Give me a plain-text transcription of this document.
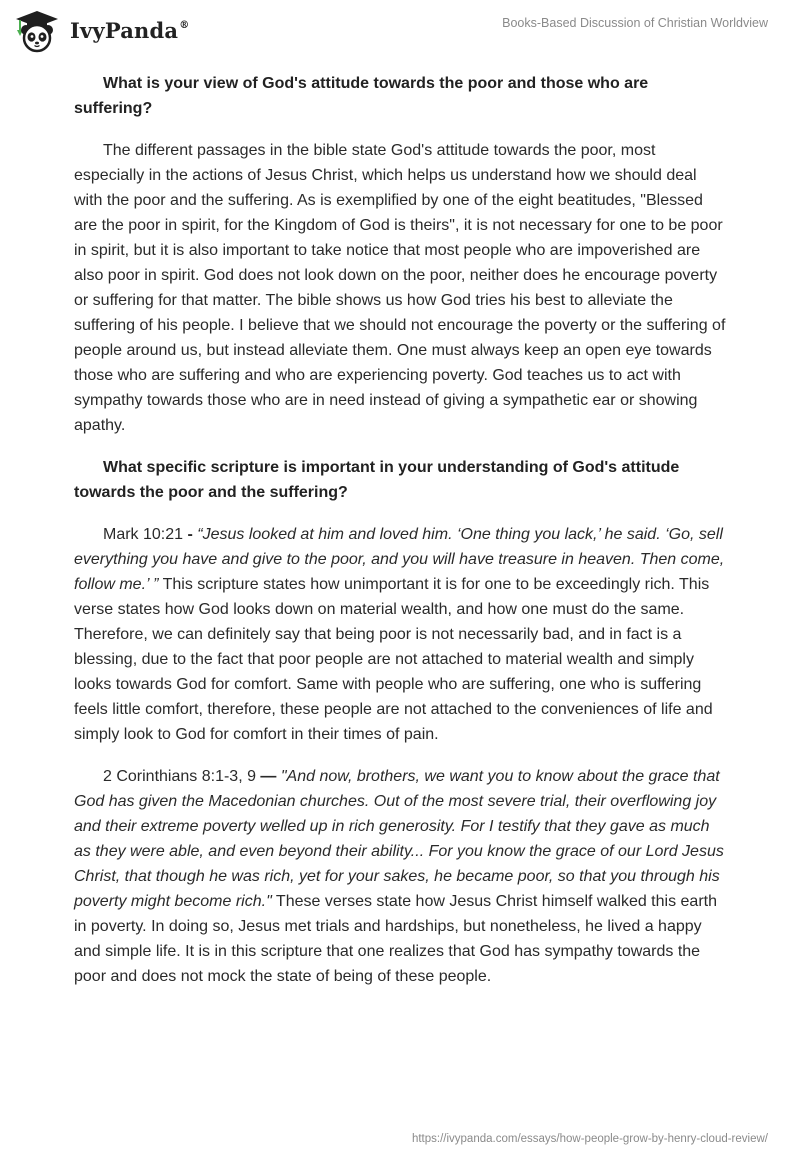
IvyPanda®	Books-Based Discussion of Christian Worldview

What is your view of God's attitude towards the poor and those who are suffering?

The different passages in the bible state God's attitude towards the poor, most especially in the actions of Jesus Christ, which helps us understand how we should deal with the poor and the suffering. As is exemplified by one of the eight beatitudes, "Blessed are the poor in spirit, for the Kingdom of God is theirs", it is not necessary for one to be poor in spirit, but it is also important to take notice that most people who are impoverished are also poor in spirit. God does not look down on the poor, neither does he encourage poverty or suffering for that matter. The bible shows us how God tries his best to alleviate the suffering of his people. I believe that we should not encourage the poverty or the suffering of people around us, but instead alleviate them. One must always keep an open eye towards those who are suffering and who are experiencing poverty. God teaches us to act with sympathy towards those who are in need instead of giving a sympathetic ear or showing apathy.

What specific scripture is important in your understanding of God's attitude towards the poor and the suffering?

Mark 10:21 - “Jesus looked at him and loved him. ‘One thing you lack,’ he said. ‘Go, sell everything you have and give to the poor, and you will have treasure in heaven. Then come, follow me.’ ” This scripture states how unimportant it is for one to be exceedingly rich. This verse states how God looks down on material wealth, and how one must do the same. Therefore, we can definitely say that being poor is not necessarily bad, and in fact is a blessing, due to the fact that poor people are not attached to material wealth and simply looks towards God for comfort. Same with people who are suffering, one who is suffering feels little comfort, therefore, these people are not attached to the conveniences of life and simply look to God for comfort in their times of pain.

2 Corinthians 8:1-3, 9 — "And now, brothers, we want you to know about the grace that God has given the Macedonian churches. Out of the most severe trial, their overflowing joy and their extreme poverty welled up in rich generosity. For I testify that they gave as much as they were able, and even beyond their ability... For you know the grace of our Lord Jesus Christ, that though he was rich, yet for your sakes, he became poor, so that you through his poverty might become rich." These verses state how Jesus Christ himself walked this earth in poverty. In doing so, Jesus met trials and hardships, but nonetheless, he lived a happy and simple life. It is in this scripture that one realizes that God has sympathy towards the poor and does not mock the state of being of these people.

https://ivypanda.com/essays/how-people-grow-by-henry-cloud-review/
